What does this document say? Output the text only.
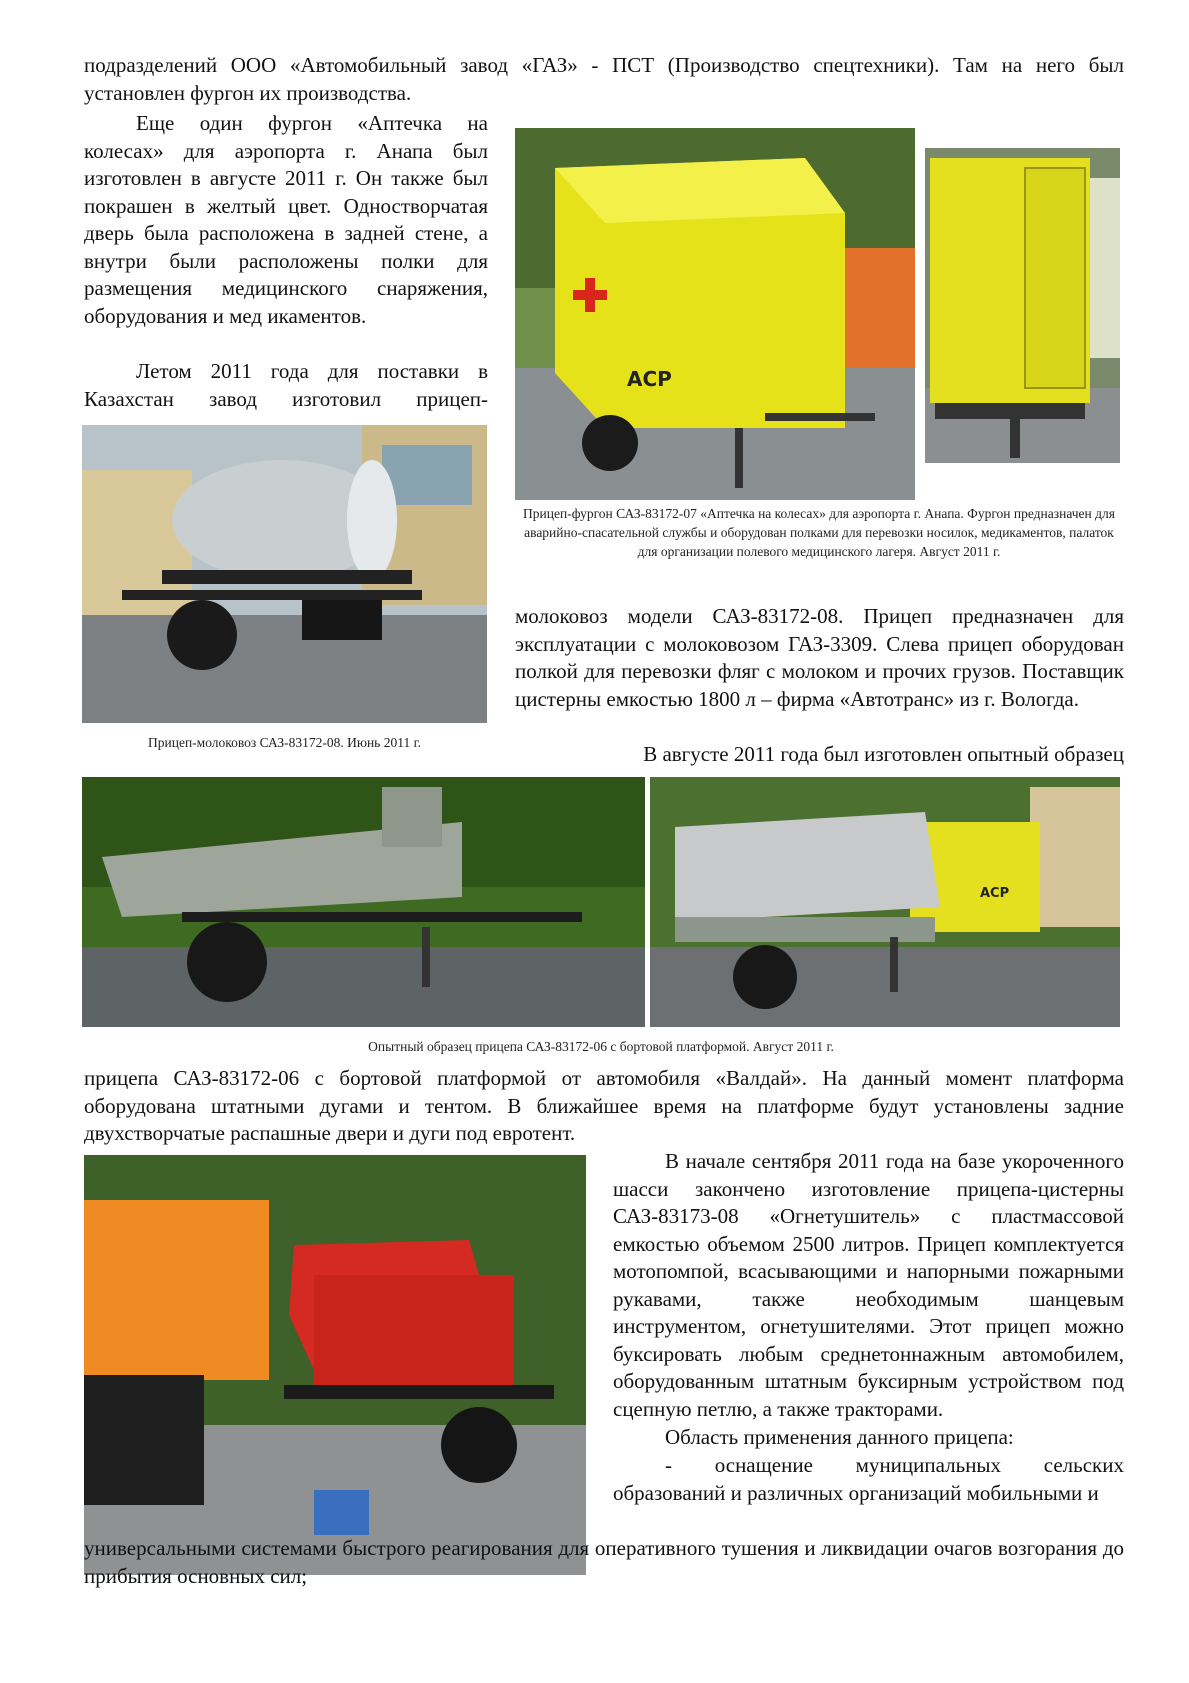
подразделений ООО «Автомобильный завод «ГАЗ» - ПСТ (Производство спецтехники). Там на него был установлен фургон их производства.
Еще один фургон «Аптечка на колесах» для аэропорта г. Анапа был изготовлен в августе 2011 г. Он также был покрашен в желтый цвет. Одностворчатая дверь была расположена в задней стене, а внутри были расположены полки для размещения медицинского снаряжения, оборудования и мед икаментов.
Летом 2011 года для поставки в Казахстан завод изготовил прицеп-
АСР
Прицеп-фургон САЗ-83172-07 «Аптечка на колесах» для аэропорта г. Анапа. Фургон предназначен для аварийно-спасательной службы и оборудован полками для перевозки носилок, медикаментов, палаток для организации полевого медицинского лагеря. Август 2011 г.
Прицеп-молоковоз САЗ-83172-08. Июнь 2011 г.
молоковоз модели САЗ-83172-08. Прицеп предназначен для эксплуатации с молоковозом ГАЗ-3309. Слева прицеп оборудован полкой для перевозки фляг с молоком и прочих грузов. Поставщик цистерны емкостью 1800 л – фирма «Автотранс» из г. Вологда.
В августе 2011 года был изготовлен опытный образец
АСР
Опытный образец прицепа САЗ-83172-06 с бортовой платформой. Август 2011 г.
прицепа САЗ-83172-06 с бортовой платформой от автомобиля «Валдай». На данный момент платформа оборудована штатными дугами и тентом. В ближайшее время на платформе будут установлены задние двухстворчатые распашные двери и дуги под евротент.
В начале сентября 2011 года на базе укороченного шасси закончено изготовление прицепа-цистерны САЗ-83173-08 «Огнетушитель» с пластмассовой емкостью объемом 2500 литров. Прицеп комплектуется мотопомпой, всасывающими и напорными пожарными рукавами, также необходимым шанцевым инструментом, огнетушителями. Этот прицеп можно буксировать любым среднетоннажным автомобилем, оборудованным штатным буксирным устройством под сцепную петлю, а также тракторами.
Область применения данного прицепа:
- оснащение муниципальных сельских образований и различных организаций мобильными и
универсальными системами быстрого реагирования для оперативного тушения и ликвидации очагов возгорания до прибытия основных сил;
